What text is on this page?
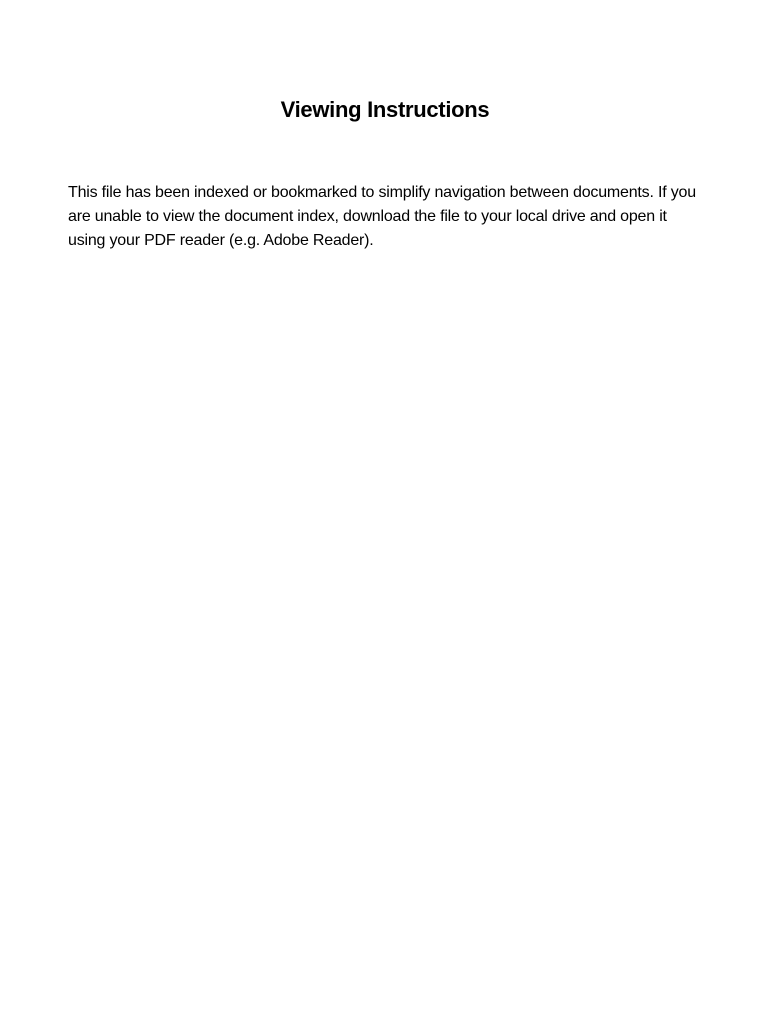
Viewing Instructions

This file has been indexed or bookmarked to simplify navigation between documents. If you are unable to view the document index, download the file to your local drive and open it using your PDF reader (e.g. Adobe Reader).
